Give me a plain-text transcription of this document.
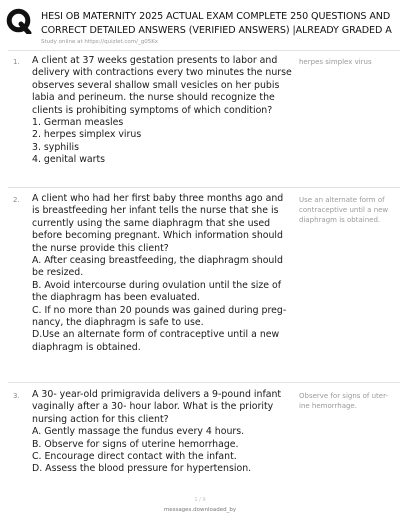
HESI OB MATERNITY 2025 ACTUAL EXAM COMPLETE 250 QUESTIONS AND
CORRECT DETAILED ANSWERS (VERIFIED ANSWERS) |ALREADY GRADED A
Study online at https://quizlet.com/_g05Kx
1. A client at 37 weeks gestation presents to labor and
delivery with contractions every two minutes the nurse
observes several shallow small vesicles on her pubis
labia and perineum. the nurse should recognize the
clients is prohibiting symptoms of which condition?
1. German measles
2. herpes simplex virus
3. syphilis
4. genital warts
herpes simplex virus
2. A client who had her first baby three months ago and
is breastfeeding her infant tells the nurse that she is
currently using the same diaphragm that she used
before becoming pregnant. Which information should
the nurse provide this client?
A. After ceasing breastfeeding, the diaphragm should
be resized.
B. Avoid intercourse during ovulation until the size of
the diaphragm has been evaluated.
C. If no more than 20 pounds was gained during preg-
nancy, the diaphragm is safe to use.
D.Use an alternate form of contraceptive until a new
diaphragm is obtained.
Use an alternate form of
contraceptive until a new
diaphragm is obtained.
3. A 30- year-old primigravida delivers a 9-pound infant
vaginally after a 30- hour labor. What is the priority
nursing action for this client?
A. Gently massage the fundus every 4 hours.
B. Observe for signs of uterine hemorrhage.
C. Encourage direct contact with the infant.
D. Assess the blood pressure for hypertension.
Observe for signs of uter-
ine hemorrhage.
1 / 9
messages.downloaded_by
